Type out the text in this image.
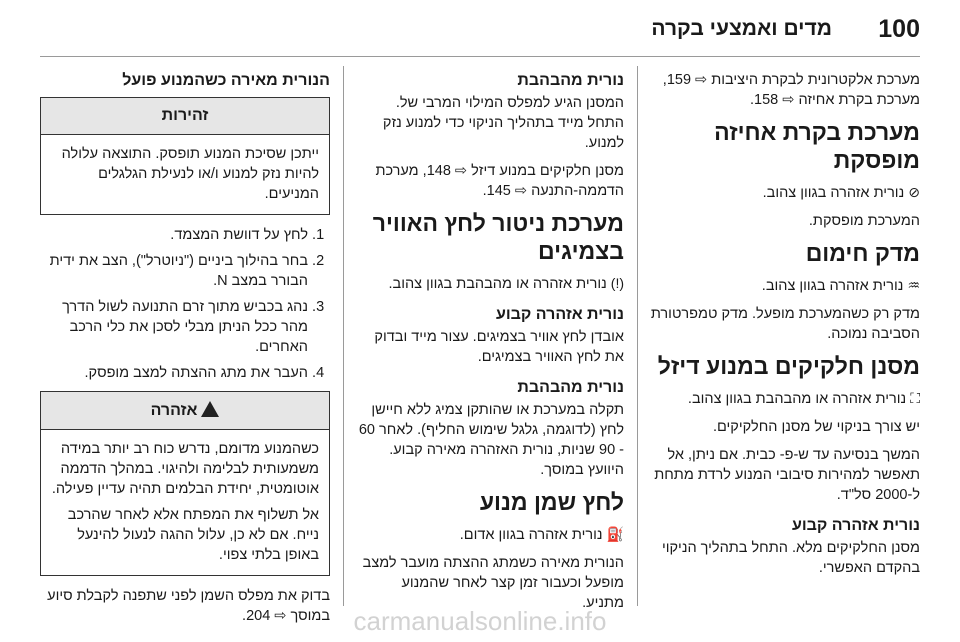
100
מדים ואמצעי בקרה

מערכת אלקטרונית לבקרת היציבות ⇨ 159, מערכת בקרת אחיזה ⇨ 158.

מערכת בקרת אחיזה מופסקת

⊘ נורית אזהרה בגוון צהוב.

המערכת מופסקת.

מדק חימום

♒ נורית אזהרה בגוון צהוב.

מדק רק כשהמערכת מופעל. מדק טמפרטורת הסביבה נמוכה.

מסנן חלקיקים במנוע דיזל

⛶ נורית אזהרה או מהבהבת בגוון צהוב.

יש צורך בניקוי של מסנן החלקיקים.

המשך בנסיעה עד ש-פ- כבית. אם ניתן, אל תאפשר למהירות סיבובי המנוע לרדת מתחת ל-2000 סל"ד.

נורית אזהרה קבוע

מסנן החלקיקים מלא. התחל בתהליך הניקוי בהקדם האפשרי.

נורית מהבהבת

המסנן הגיע למפלס המילוי המרבי של. התחל מייד בתהליך הניקוי כדי למנוע נזק למנוע.

מסנן חלקיקים במנוע דיזל ⇨ 148, מערכת הדממה-התנעה ⇨ 145.

מערכת ניטור לחץ האוויר בצמיגים

(!) נורית אזהרה או מהבהבת בגוון צהוב.

נורית אזהרה קבוע

אובדן לחץ אוויר בצמיגים. עצור מייד ובדוק את לחץ האוויר בצמיגים.

נורית מהבהבת

תקלה במערכת או שהותקן צמיג ללא חיישן לחץ (לדוגמה, גלגל שימוש החליף). לאחר 60 - 90 שניות, נורית האזהרה מאירה קבוע. היוועץ במוסך.

לחץ שמן מנוע

⛽ נורית אזהרה בגוון אדום.

הנורית מאירה כשמתג ההצתה מועבר למצב מופעל וכעבור זמן קצר לאחר שהמנוע מתניע.

הנורית מאירה כשהמנוע פועל
זהירות

ייתכן שסיכת המנוע תופסק. התוצאה עלולה להיות נזק למנוע ו/או לנעילת הגלגלים המניעים.

1. לחץ על דוושת המצמד.
2. בחר בהילוך ביניים ("ניוטרל"), הצב את ידית הבורר במצב N.
3. נהג בכביש מתוך זרם התנועה לשול הדרך מהר ככל הניתן מבלי לסכן את כלי הרכב האחרים.
4. העבר את מתג ההצתה למצב מופסק.
אזהרה

כשהמנוע מדומם, נדרש כוח רב יותר במידה משמעותית לבלימה ולהיגוי. במהלך הדממה אוטומטית, יחידת הבלמים תהיה עדיין פעילה.

אל תשלוף את המפתח אלא לאחר שהרכב נייח. אם לא כן, עלול ההגה לנעול להינעל באופן בלתי צפוי.

בדוק את מפלס השמן לפני שתפנה לקבלת סיוע במוסך ⇨ 204. carmanualsonline.info
